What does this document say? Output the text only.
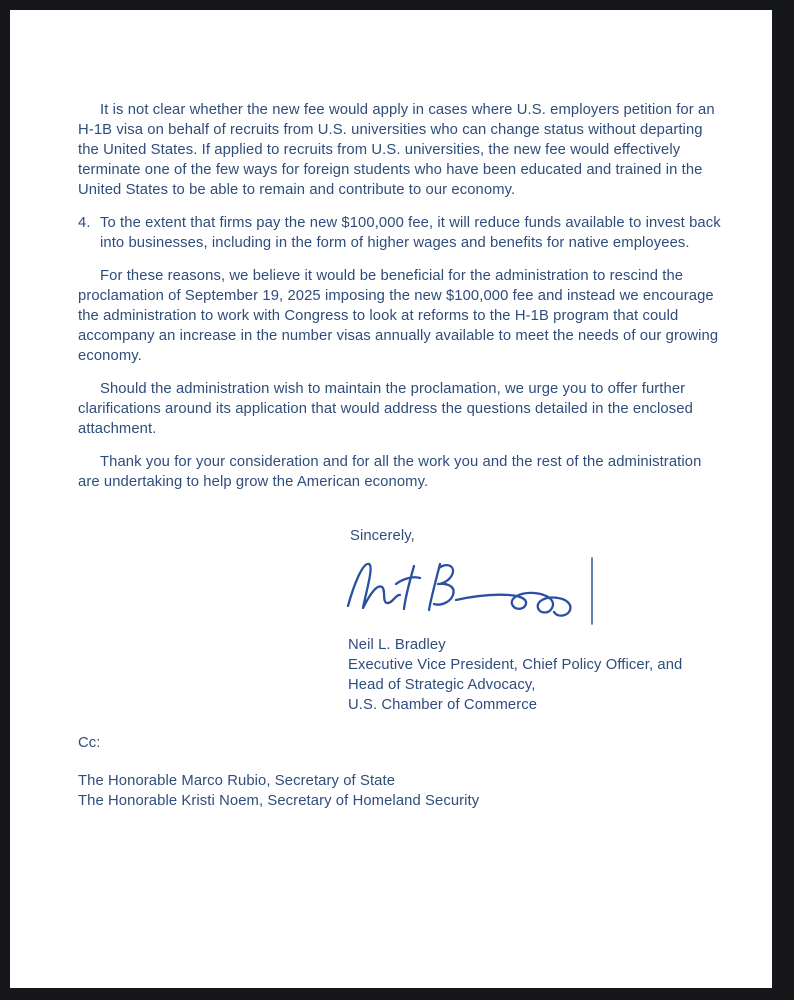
It is not clear whether the new fee would apply in cases where U.S. employers petition for an H-1B visa on behalf of recruits from U.S. universities who can change status without departing the United States. If applied to recruits from U.S. universities, the new fee would effectively terminate one of the few ways for foreign students who have been educated and trained in the United States to be able to remain and contribute to our economy.

4. To the extent that firms pay the new $100,000 fee, it will reduce funds available to invest back into businesses, including in the form of higher wages and benefits for native employees.

For these reasons, we believe it would be beneficial for the administration to rescind the proclamation of September 19, 2025 imposing the new $100,000 fee and instead we encourage the administration to work with Congress to look at reforms to the H-1B program that could accompany an increase in the number visas annually available to meet the needs of our growing economy.

Should the administration wish to maintain the proclamation, we urge you to offer further clarifications around its application that would address the questions detailed in the enclosed attachment.

Thank you for your consideration and for all the work you and the rest of the administration are undertaking to help grow the American economy.

Sincerely,

Neil L. Bradley

Executive Vice President, Chief Policy Officer, and

Head of Strategic Advocacy,

U.S. Chamber of Commerce

Cc:

The Honorable Marco Rubio, Secretary of State

The Honorable Kristi Noem, Secretary of Homeland Security
